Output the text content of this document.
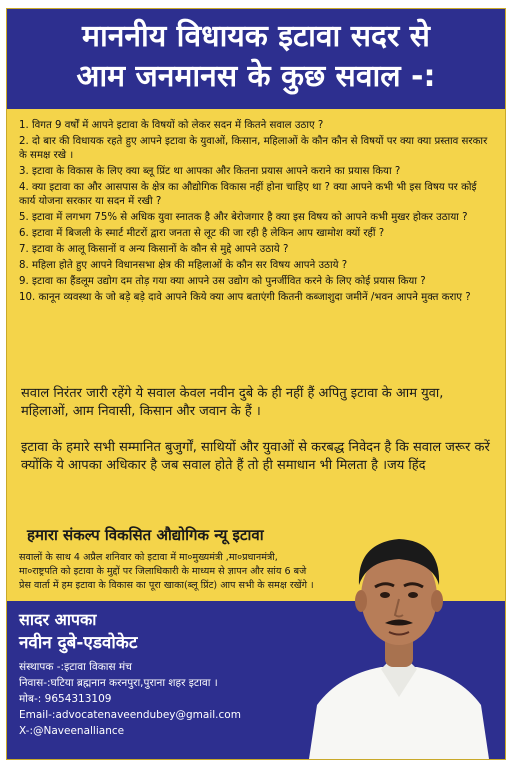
माननीय विधायक इटावा सदर से
आम जनमानस के कुछ सवाल -:
1. विगत 9 वर्षों में आपने इटावा के विषयों को लेकर सदन में कितने सवाल उठाए ?
2. दो बार की विधायक रहते हुए आपने इटावा के युवाओं, किसान, महिलाओं के कौन कौन से विषयों पर क्या क्या प्रस्ताव सरकार के समक्ष रखे ।
3. इटावा के विकास के लिए क्या ब्लू प्रिंट था आपका और कितना प्रयास आपने कराने का प्रयास किया ?
4. क्या इटावा का और आसपास के क्षेत्र का औद्योगिक विकास नहीं होना चाहिए था ? क्या आपने कभी भी इस विषय पर कोई कार्य योजना सरकार या सदन में रखी ?
5. इटावा में लगभग 75% से अधिक युवा स्नातक है और बेरोजगार है क्या इस विषय को आपने कभी मुखर होकर उठाया ?
6. इटावा में बिजली के स्मार्ट मीटरों द्वारा जनता से लूट की जा रही है लेकिन आप खामोश क्यों रहीं ?
7. इटावा के आलू किसानों व अन्य किसानों के कौन से मुद्दे आपने उठाये ?
8. महिला होते हुए आपने विधानसभा क्षेत्र की महिलाओं के कौन सर विषय आपने उठाये ?
9. इटावा का हैंडलूम उद्योग दम तोड़ गया क्या आपने उस उद्योग को पुनर्जीवित करने के लिए कोई प्रयास किया ?
10. कानून व्यवस्था के जो बड़े बड़े दावे आपने किये क्या आप बताएंगी कितनी कब्जाशुदा जमीनें /भवन आपने मुक्त कराए ?
सवाल निरंतर जारी रहेंगे ये सवाल केवल नवीन दुबे के ही नहीं हैं अपितु इटावा के आम युवा, महिलाओं, आम निवासी, किसान और जवान के हैं ।
इटावा के हमारे सभी सम्मानित बुजुर्गों, साथियों और युवाओं से करबद्ध निवेदन है कि सवाल जरूर करें क्योंकि ये आपका अधिकार है जब सवाल होते हैं तो ही समाधान भी मिलता है ।जय हिंद
हमारा संकल्प विकसित औद्योगिक न्यू इटावा
सवालों के साथ 4 अप्रैल शनिवार को इटावा में मा०मुख्यमंत्री ,मा०प्रधानमंत्री, मा०राष्ट्रपति को इटावा के मुद्दों पर जिलाधिकारी के माध्यम से ज्ञापन और सांय 6 बजे प्रेस वार्ता में हम इटावा के विकास का पूरा खाका(ब्लू प्रिंट) आप सभी के समक्ष रखेंगे ।
सादर आपका
नवीन दुबे-एडवोकेट
संस्थापक -:इटावा विकास मंच
निवास-:घटिया ब्रह्मनान करनपुरा,पुराना शहर इटावा ।
मोब-: 9654313109
Email-:advocatenaveendubey@gmail.com
X-:@Naveenalliance
